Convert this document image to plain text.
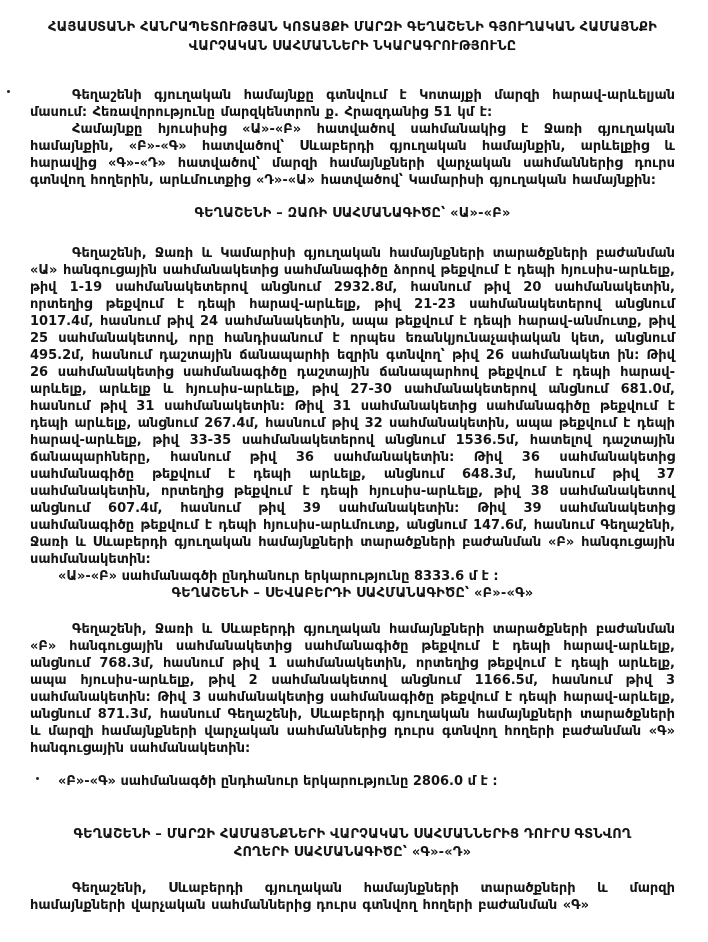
ՀԱՅԱՍՏԱՆԻ ՀԱՆՐԱՊԵՏՈՒԹՅԱՆ ԿՈՏԱՅՔԻ ՄԱՐԶԻ ԳԵՂԱՇԵՆԻ ԳՅՈՒՂԱԿԱՆ ՀԱՄԱՅՆՔԻ
ՎԱՐՉԱԿԱՆ ՍԱՀՄԱՆՆԵՐԻ ՆԿԱՐԱԳՐՈՒԹՅՈՒՆԸ

Գեղաշենի գյուղական համայնքը գտնվում է Կոտայքի մարզի հարավ-արևելյան մասում: Հեռավորությունը մարզկենտրոն ք. Հրազդանից 51 կմ է:

Համայնքը հյուսիսից «Ա»-«Բ» հատվածով սահմանակից է Ջառի գյուղական համայնքին, «Բ»-«Գ» հատվածով՝ Սևաբերդի գյուղական համայնքին, արևելքից և հարավից «Գ»-«Դ» հատվածով՝ մարզի համայնքների վարչական սահմաններից դուրս գտնվող հողերին, արևմուտքից «Դ»-«Ա» հատվածով՝ Կամարիսի գյուղական համայնքին:

ԳԵՂԱՇԵՆԻ – ԶԱՌԻ ՍԱՀՄԱՆԱԳԻԾԸ՝ «Ա»-«Բ»

Գեղաշենի, Ջառի և Կամարիսի գյուղական համայնքների տարածքների բաժանման «Ա» հանգուցային սահմանակետից սահմանագիծը ձորով թեքվում է դեպի հյուսիս-արևելք, թիվ 1-19 սահմանակետերով անցնում 2932.8մ, հասնում թիվ 20 սահմանակետին, որտեղից թեքվում է դեպի հարավ-արևելք, թիվ 21-23 սահմանակետերով անցնում 1017.4մ, հասնում թիվ 24 սահմանակետին, ապա թեքվում է դեպի հարավ-անմուտք, թիվ 25 սահմանակետով, որը հանդիսանում է որպես եռանկյունաչափական կետ, անցնում 495.2մ, հասնում դաշտային ճանապարհի եզրին գտնվող՝ թիվ 26 սահմանակետ ին: Թիվ 26 սահմանակետից սահմանագիծը դաշտային ճանապարհով թեքվում է դեպի հարավ-արևելք, արևելք և հյուսիս-արևելք, թիվ 27-30 սահմանակետերով անցնում 681.0մ, հասնում թիվ 31 սահմանակետին: Թիվ 31 սահմանակետից սահմանագիծը թեքվում է դեպի արևելք, անցնում 267.4մ, հասնում թիվ 32 սահմանակետին, ապա թեքվում է դեպի հարավ-արևելք, թիվ 33-35 սահմանակետերով անցնում 1536.5մ, հատելով դաշտային ճանապարհները, հասնում թիվ 36 սահմանակետին: Թիվ 36 սահմանակետից սահմանագիծը թեքվում է դեպի արևելք, անցնում 648.3մ, հասնում թիվ 37 սահմանակետին, որտեղից թեքվում է դեպի հյուսիս-արևելք, թիվ 38 սահմանակետով անցնում 607.4մ, հասնում թիվ 39 սահմանակետին: Թիվ 39 սահմանակետից սահմանագիծը թեքվում է դեպի հյուսիս-արևմուտք, անցնում 147.6մ, հասնում Գեղաշենի, Ջառի և Սևաբերդի գյուղական համայնքների տարածքների բաժանման «Բ» հանգուցային սահմանակետին:

«Ա»-«Բ» սահմանագծի ընդհանուր երկարությունը 8333.6 մ է :

ԳԵՂԱՇԵՆԻ – ՍԵՎԱԲԵՐԴԻ ՍԱՀՄԱՆԱԳԻԾԸ՝ «Բ»-«Գ»

Գեղաշենի, Ջառի և Սևաբերդի գյուղական համայնքների տարածքների բաժանման «Բ» հանգուցային սահմանակետից սահմանագիծը թեքվում է դեպի հարավ-արևելք, անցնում 768.3մ, հասնում թիվ 1 սահմանակետին, որտեղից թեքվում է դեպի արևելք, ապա հյուսիս-արևելք, թիվ 2 սահմանակետով անցնում 1166.5մ, հասնում թիվ 3 սահմանակետին: Թիվ 3 սահմանակետից սահմանագիծը թեքվում է դեպի հարավ-արևելք, անցնում 871.3մ, հասնում Գեղաշենի, Սևաբերդի գյուղական համայնքների տարածքների և մարզի համայնքների վարչական սահմաններից դուրս գտնվող հողերի բաժանման «Գ» հանգուցային սահմանակետին:

«Բ»-«Գ» սահմանագծի ընդհանուր երկարությունը 2806.0 մ է :

ԳԵՂԱՇԵՆԻ – ՄԱՐԶԻ ՀԱՄԱՅՆՔՆԵՐԻ ՎԱՐՉԱԿԱՆ ՍԱՀՄԱՆՆԵՐԻՑ ԴՈՒՐՍ ԳՏՆՎՈՂ
ՀՈՂԵՐԻ ՍԱՀՄԱՆԱԳԻԾԸ՝ «Գ»-«Դ»

Գեղաշենի, Սևաբերդի գյուղական համայնքների տարածքների և մարզի համայնքների վարչական սահմաններից դուրս գտնվող հողերի բաժանման «Գ»
